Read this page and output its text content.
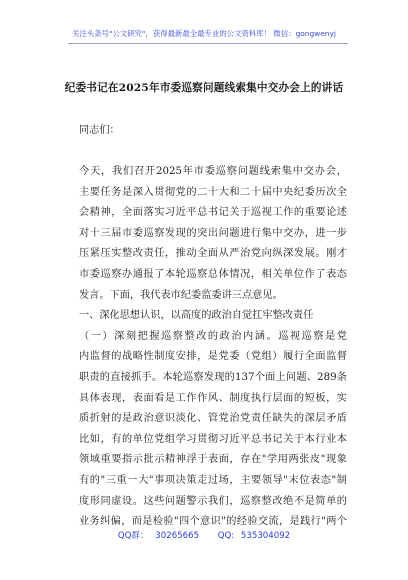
关注头条号"公文研究"，获得最新最全最专业的公文资料库！ 微信：gongwenyj
纪委书记在2025年市委巡察问题线索集中交办会上的讲话
同志们：
今天，我们召开2025年市委巡察问题线索集中交办会，
主要任务是深入贯彻党的二十大和二十届中央纪委历次全
会精神，全面落实习近平总书记关于巡视工作的重要论述
对十三届市委巡察发现的突出问题进行集中交办，进一步
压紧压实整改责任，推动全面从严治党向纵深发展。刚才
市委巡察办通报了本轮巡察总体情况，相关单位作了表态
发言。下面，我代表市纪委监委讲三点意见。
一、深化思想认识，以高度的政治自觉扛牢整改责任
（一）深刻把握巡察整改的政治内涵。巡视巡察是党
内监督的战略性制度安排，是党委（党组）履行全面监督
职责的直接抓手。本轮巡察发现的137个面上问题、289条
具体表现，表面看是工作作风、制度执行层面的短板，实
质折射的是政治意识淡化、管党治党责任缺失的深层矛盾
比如，有的单位党组学习贯彻习近平总书记关于本行业本
领域重要指示批示精神浮于表面，存在"学用两张皮"现象
有的"三重一大"事项决策走过场，主要领导"末位表态"制
度形同虚设。这些问题警示我们，巡察整改绝不是简单的
业务纠偏，而是检验"四个意识"的经验交流，是践行"两个
QQ群： 30265665 QQ: 535304092
